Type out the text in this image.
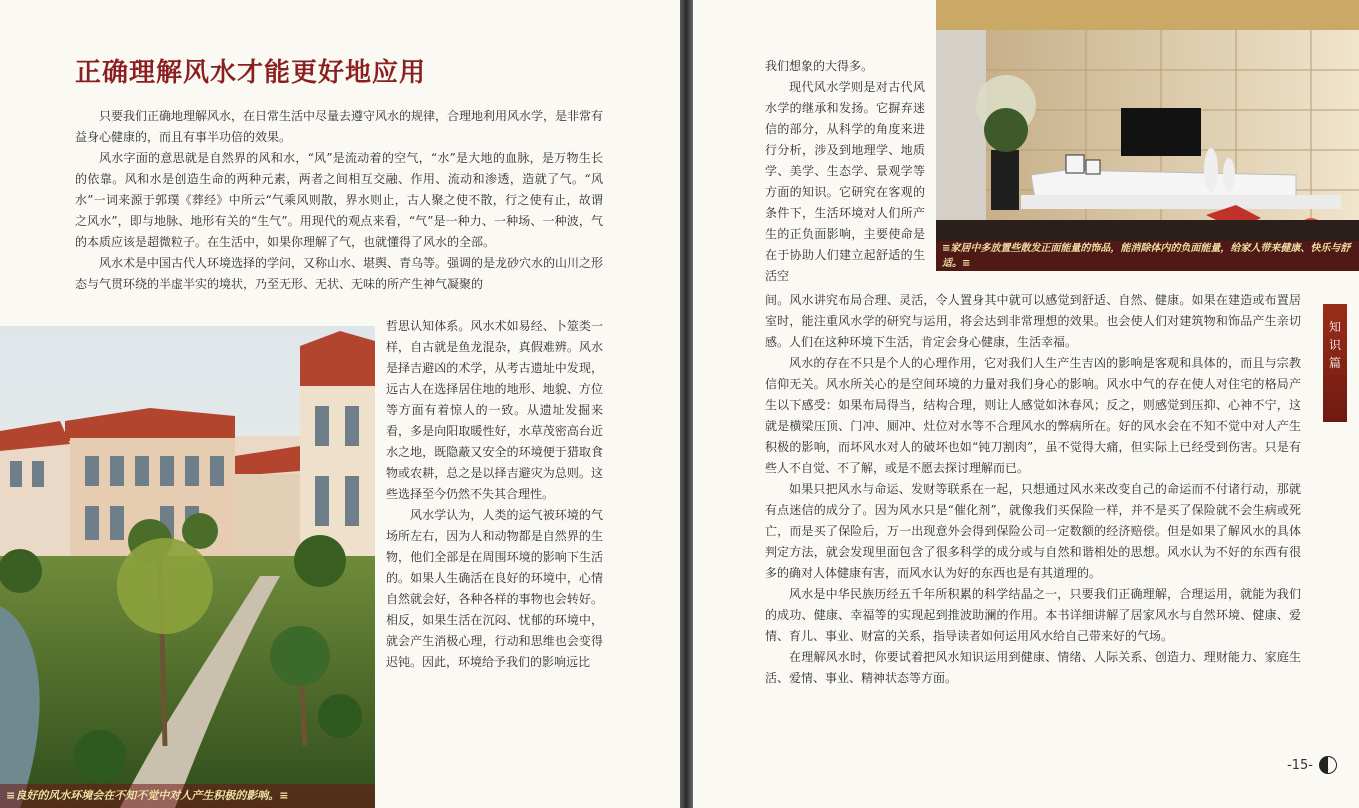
正确理解风水才能更好地应用

只要我们正确地理解风水，在日常生活中尽量去遵守风水的规律，合理地利用风水学，是非常有益身心健康的，而且有事半功倍的效果。

风水字面的意思就是自然界的风和水，“风”是流动着的空气，“水”是大地的血脉，是万物生长的依靠。风和水是创造生命的两种元素，两者之间相互交融、作用、流动和渗透，造就了气。“风水”一词来源于郭璞《葬经》中所云“气乘风则散，界水则止，古人聚之使不散，行之使有止，故谓之风水”，即与地脉、地形有关的“生气”。用现代的观点来看，“气”是一种力、一种场、一种波，气的本质应该是超微粒子。在生活中，如果你理解了气，也就懂得了风水的全部。

风水术是中国古代人环境选择的学问，又称山水、堪舆、青乌等。强调的是龙砂穴水的山川之形态与气贯环绕的半虚半实的境状，乃至无形、无状、无味的所产生神气凝聚的

≡良好的风水环境会在不知不觉中对人产生积极的影响。≡

哲思认知体系。风水术如易经、卜筮类一样，自古就是鱼龙混杂，真假难辨。风水是择吉避凶的术学，从考古遗址中发现，远古人在选择居住地的地形、地貌、方位等方面有着惊人的一致。从遗址发掘来看，多是向阳取暖性好，水草茂密高台近水之地，既隐蔽又安全的环境便于猎取食物或农耕，总之是以择吉避灾为总则。这些选择至今仍然不失其合理性。

风水学认为，人类的运气被环境的气场所左右，因为人和动物都是自然界的生物，他们全部是在周围环境的影响下生活的。如果人生确活在良好的环境中，心情自然就会好，各种各样的事物也会转好。相反，如果生活在沉闷、忧郁的环境中，就会产生消极心理，行动和思维也会变得迟钝。因此，环境给予我们的影响远比

≡家居中多放置些散发正面能量的饰品，能消除体内的负面能量，给家人带来健康、快乐与舒适。≡

我们想象的大得多。

现代风水学则是对古代风水学的继承和发扬。它摒弃迷信的部分，从科学的角度来进行分析，涉及到地理学、地质学、美学、生态学、景观学等方面的知识。它研究在客观的条件下，生活环境对人们所产生的正负面影响，主要使命是在于协助人们建立起舒适的生活空

间。风水讲究布局合理、灵活，令人置身其中就可以感觉到舒适、自然、健康。如果在建造或布置居室时，能注重风水学的研究与运用，将会达到非常理想的效果。也会使人们对建筑物和饰品产生亲切感。人们在这种环境下生活，肯定会身心健康，生活幸福。

风水的存在不只是个人的心理作用，它对我们人生产生吉凶的影响是客观和具体的，而且与宗教信仰无关。风水所关心的是空间环境的力量对我们身心的影响。风水中气的存在使人对住宅的格局产生以下感受：如果布局得当，结构合理，则让人感觉如沐春风；反之，则感觉到压抑、心神不宁，这就是横梁压顶、门冲、厕冲、灶位对水等不合理风水的弊病所在。好的风水会在不知不觉中对人产生积极的影响，而坏风水对人的破坏也如“钝刀割肉”，虽不觉得大痛，但实际上已经受到伤害。只是有些人不自觉、不了解，或是不愿去探讨理解而已。

如果只把风水与命运、发财等联系在一起，只想通过风水来改变自己的命运而不付诸行动，那就有点迷信的成分了。因为风水只是“催化剂”，就像我们买保险一样，并不是买了保险就不会生病或死亡，而是买了保险后，万一出现意外会得到保险公司一定数额的经济赔偿。但是如果了解风水的具体判定方法，就会发现里面包含了很多科学的成分或与自然和谐相处的思想。风水认为不好的东西有很多的确对人体健康有害，而风水认为好的东西也是有其道理的。

风水是中华民族历经五千年所积累的科学结晶之一，只要我们正确理解，合理运用，就能为我们的成功、健康、幸福等的实现起到推波助澜的作用。本书详细讲解了居家风水与自然环境、健康、爱情、育儿、事业、财富的关系，指导读者如何运用风水给自己带来好的气场。

在理解风水时，你要试着把风水知识运用到健康、情绪、人际关系、创造力、理财能力、家庭生活、爱情、事业、精神状态等方面。

知识篇
-15-
